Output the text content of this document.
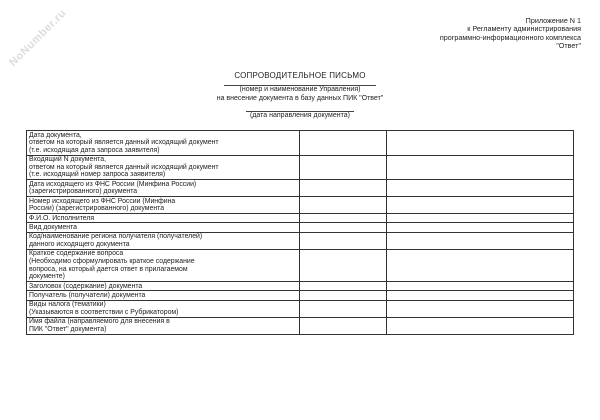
NoNumber.ru	Приложение N 1
к Регламенту администрирования
программно-информационного комплекса
"Ответ"
СОПРОВОДИТЕЛЬНОЕ ПИСЬМО
(номер и наименование Управления)
на внесение документа в базу данных ПИК "Ответ"
(дата направления документа)
Дата документа,
ответом на который является данный исходящий документ
(т.е. исходящая дата запроса заявителя)		

Входящий N документа,
ответом на который является данный исходящий документ
(т.е. исходящий номер запроса заявителя)		

Дата исходящего из ФНС России (Минфина России)
(зарегистрированного) документа		

Номер исходящего из ФНС России (Минфина
России) (зарегистрированного) документа		

Ф.И.О. Исполнителя		

Вид документа		

Код/наименование региона получателя (получателей)
данного исходящего документа		

Краткое содержание вопроса
(Необходимо сформулировать краткое содержание
вопроса, на который дается ответ в прилагаемом
документе)		

Заголовок (содержание) документа		

Получатель (получатели) документа		

Виды налога (тематики)
(Указываются в соответствии с Рубрикатором)		

Имя файла (направляемого для внесения в
ПИК "Ответ" документа)		
